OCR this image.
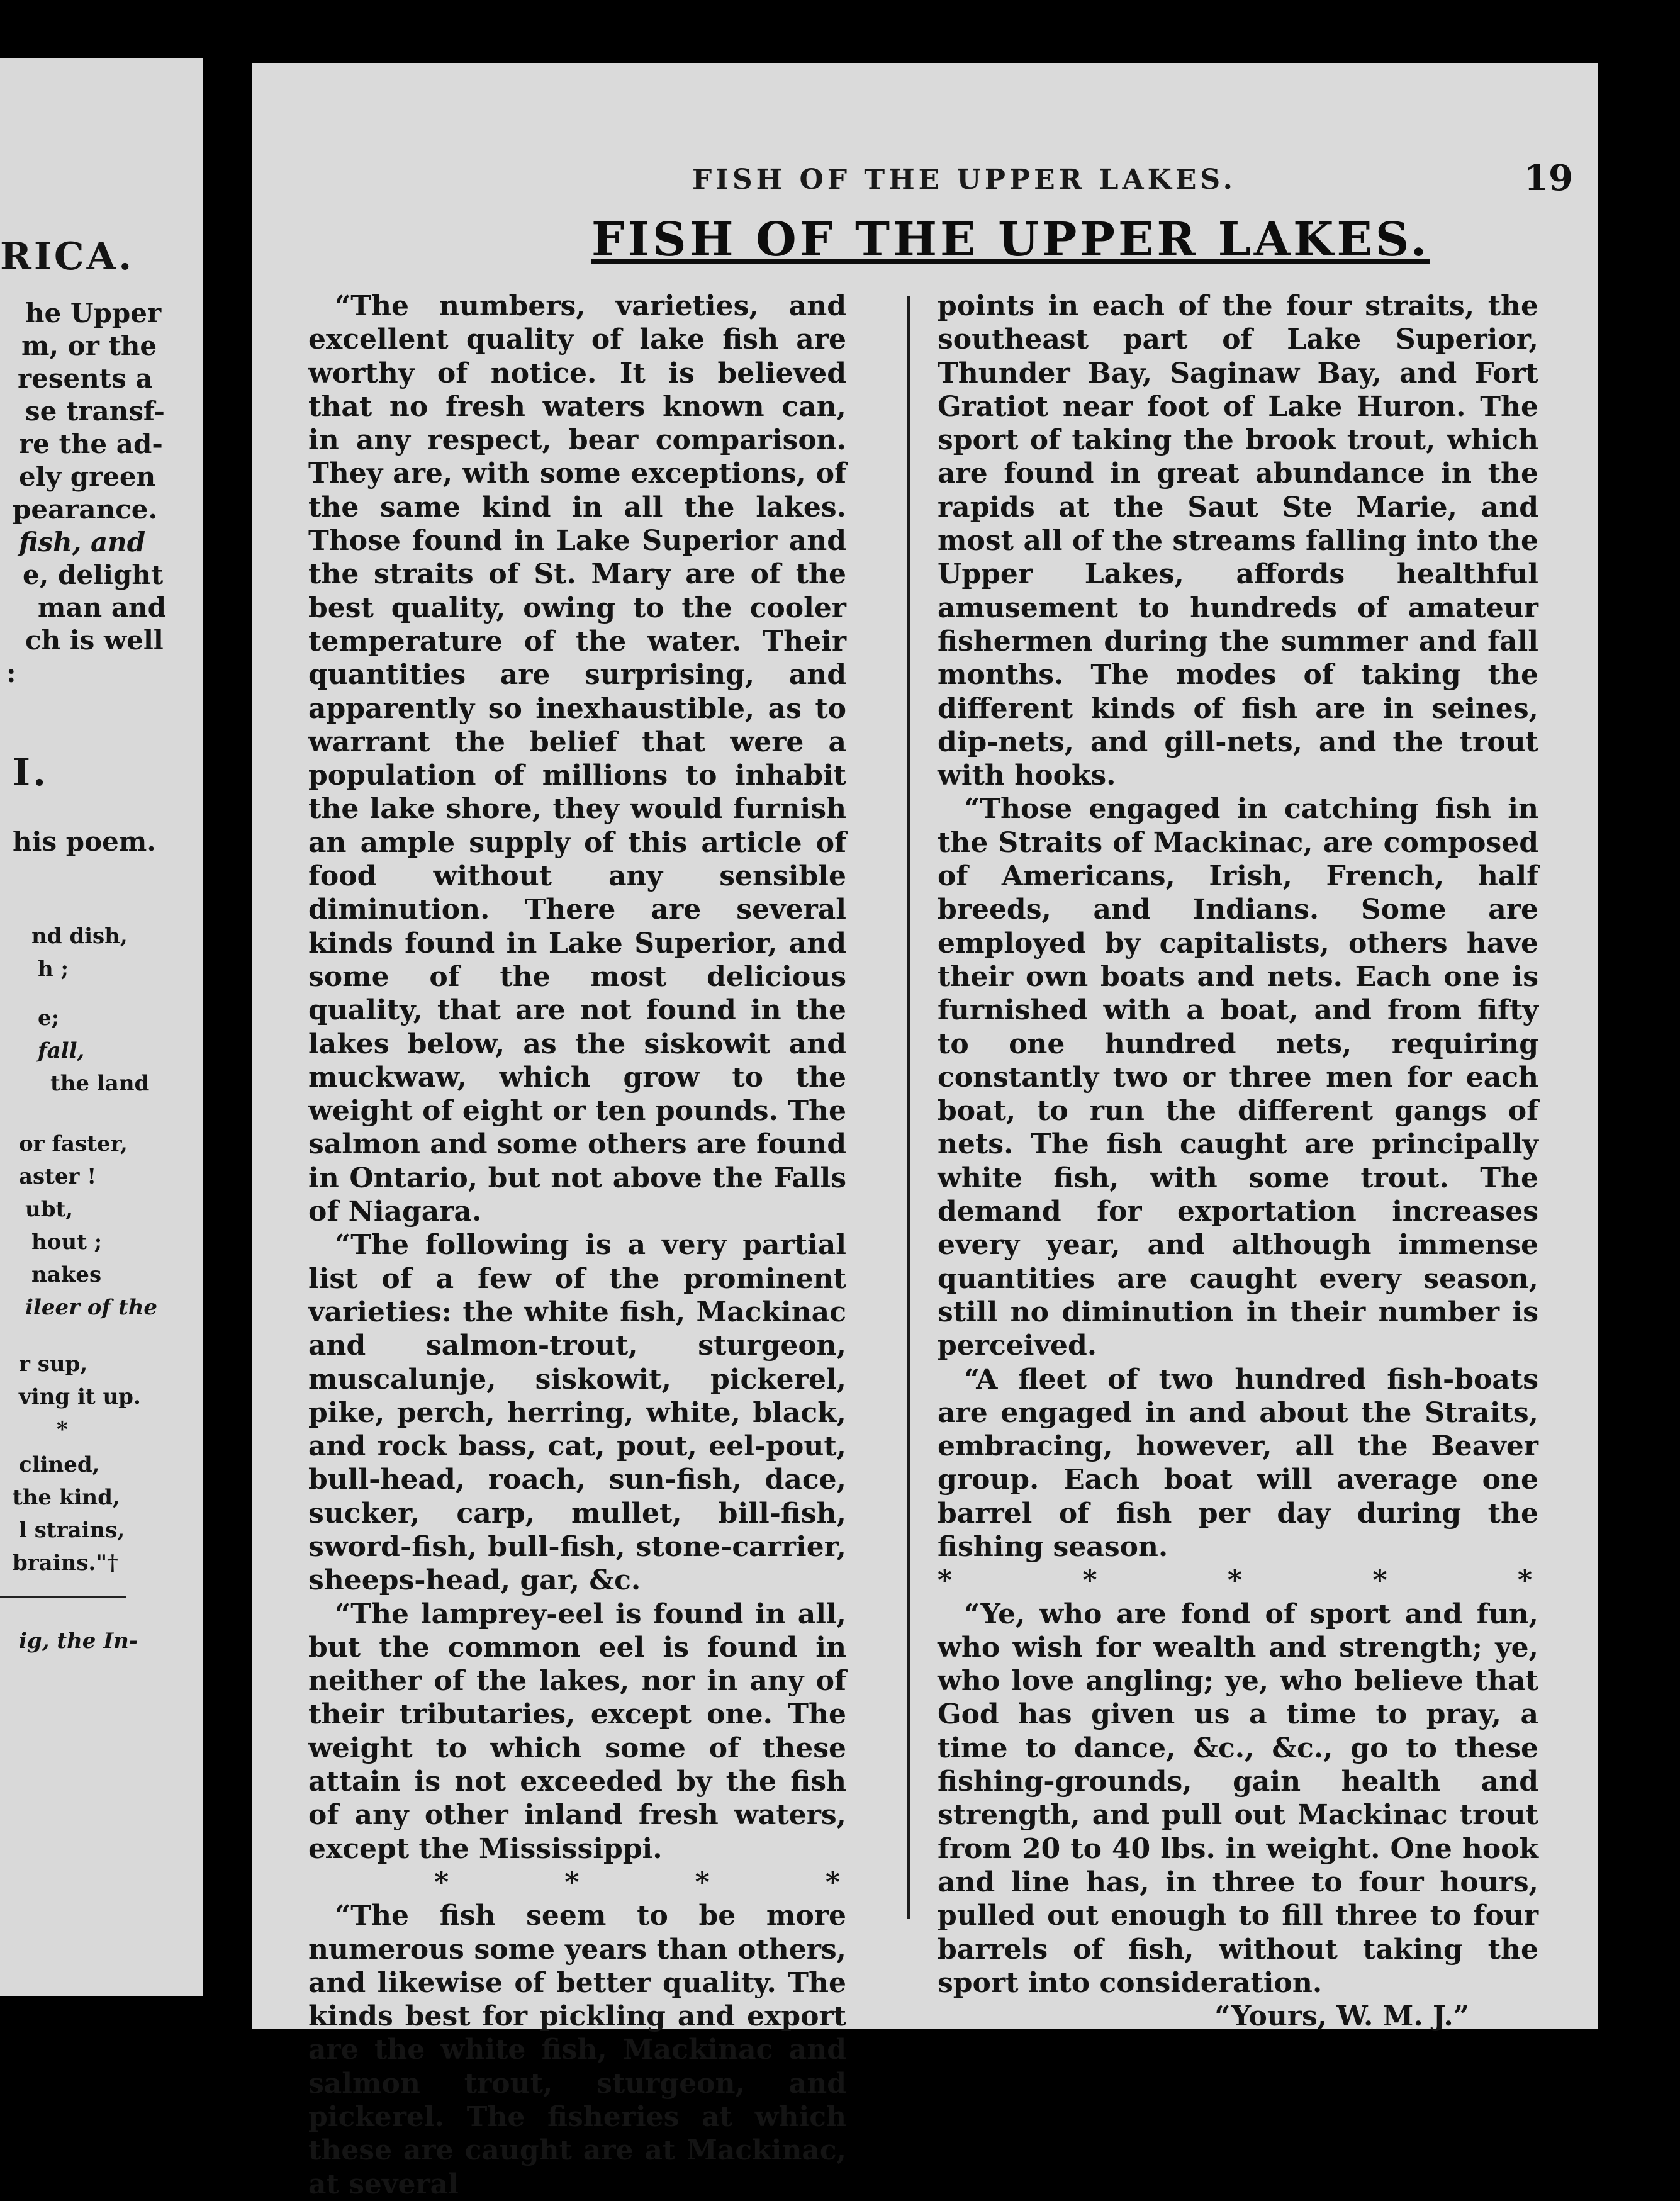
RICA.
he Upper
m, or the
resents a
se transf-
re the ad-
ely green
pearance.
fish, and
e, delight
man and
ch is well
:
I.
his poem.
nd dish,
h ;
e;
fall,
the land
or faster,
aster !
ubt,
hout ;
nakes
ileer of the
r sup,
ving it up.
*
clined,
the kind,
l strains,
brains."†
ig, the In-
FISH OF THE UPPER LAKES.	19
FISH OF THE UPPER LAKES.

“The numbers, varieties, and excellent quality of lake fish are worthy of notice. It is believed that no fresh waters known can, in any respect, bear comparison. They are, with some exceptions, of the same kind in all the lakes. Those found in Lake Superior and the straits of St. Mary are of the best quality, owing to the cooler temperature of the water. Their quantities are surprising, and apparently so inexhaustible, as to warrant the belief that were a population of millions to inhabit the lake shore, they would furnish an ample supply of this article of food without any sensible diminution. There are several kinds found in Lake Superior, and some of the most delicious quality, that are not found in the lakes below, as the siskowit and muckwaw, which grow to the weight of eight or ten pounds. The salmon and some others are found in Ontario, but not above the Falls of Niagara.

“The following is a very partial list of a few of the prominent varieties: the white fish, Mackinac and salmon-trout, sturgeon, muscalunje, siskowit, pickerel, pike, perch, herring, white, black, and rock bass, cat, pout, eel-pout, bull-head, roach, sun-fish, dace, sucker, carp, mullet, bill-fish, sword-fish, bull-fish, stone-carrier, sheeps-head, gar, &c.

“The lamprey-eel is found in all, but the common eel is found in neither of the lakes, nor in any of their tributaries, except one. The weight to which some of these attain is not exceeded by the fish of any other inland fresh waters, except the Mississippi.

*	*	*	*

“The fish seem to be more numerous some years than others, and likewise of better quality. The kinds best for pickling and export are the white fish, Mackinac and salmon trout, sturgeon, and pickerel. The fisheries at which these are caught are at Mackinac, at several

points in each of the four straits, the southeast part of Lake Superior, Thunder Bay, Saginaw Bay, and Fort Gratiot near foot of Lake Huron. The sport of taking the brook trout, which are found in great abundance in the rapids at the Saut Ste Marie, and most all of the streams falling into the Upper Lakes, affords healthful amusement to hundreds of amateur fishermen during the summer and fall months. The modes of taking the different kinds of fish are in seines, dip-nets, and gill-nets, and the trout with hooks.

“Those engaged in catching fish in the Straits of Mackinac, are composed of Americans, Irish, French, half breeds, and Indians. Some are employed by capitalists, others have their own boats and nets. Each one is furnished with a boat, and from fifty to one hundred nets, requiring constantly two or three men for each boat, to run the different gangs of nets. The fish caught are principally white fish, with some trout. The demand for exportation increases every year, and although immense quantities are caught every season, still no diminution in their number is perceived.

“A fleet of two hundred fish-boats are engaged in and about the Straits, embracing, however, all the Beaver group. Each boat will average one barrel of fish per day during the fishing season.

*	*	*	*	*

“Ye, who are fond of sport and fun, who wish for wealth and strength; ye, who love angling; ye, who believe that God has given us a time to pray, a time to dance, &c., &c., go to these fishing-grounds, gain health and strength, and pull out Mackinac trout from 20 to 40 lbs. in weight. One hook and line has, in three to four hours, pulled out enough to fill three to four barrels of fish, without taking the sport into consideration.

“Yours, W. M. J.”
